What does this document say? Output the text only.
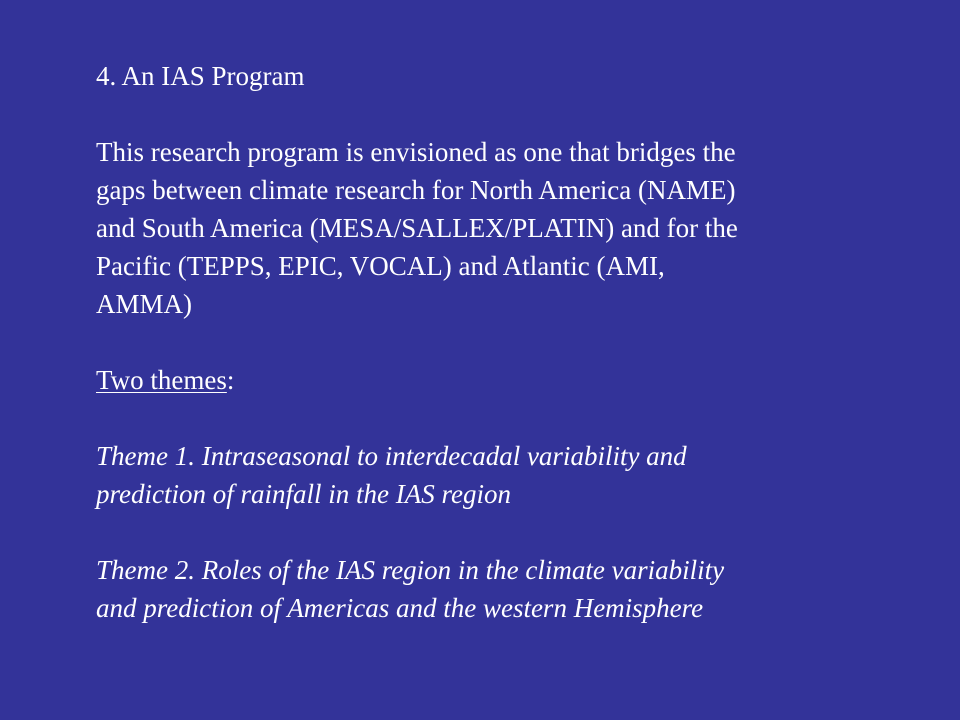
4. An IAS Program
This research program is envisioned as one that bridges the
gaps between climate research for North America (NAME)
and South America (MESA/SALLEX/PLATIN) and for the
Pacific (TEPPS, EPIC, VOCAL) and Atlantic (AMI,
AMMA)
Two themes:
Theme 1. Intraseasonal to interdecadal variability and
prediction of rainfall in the IAS region
Theme 2. Roles of the IAS region in the climate variability
and prediction of Americas and the western Hemisphere
